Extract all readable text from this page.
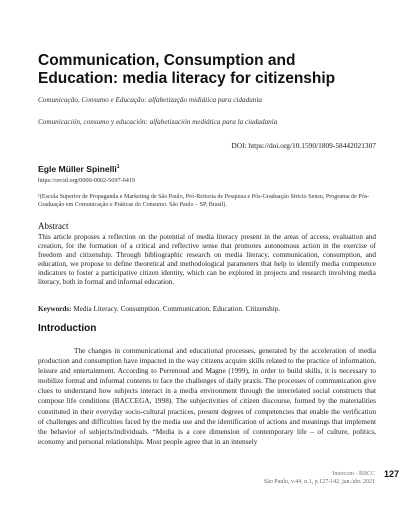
Communication, Consumption and Education: media literacy for citizenship
Comunicação, Consumo e Educação: alfabetização midiática para cidadania
Comunicación, consumo y educación: alfabetización mediática para la ciudadanía
DOI: https://doi.org/10.1590/1809-58442021307
Egle Müller Spinelli$^1$
https://orcid.org/0000-0002-5697-6419
¹(Escola Superior de Propaganda e Marketing de São Paulo, Pró-Reitoria de Pesquisa e Pós-Graduação Stricto Sensu, Programa de Pós-Graduação em Comunicação e Práticas do Consumo. São Paulo – SP, Brasil).
Abstract
This article proposes a reflection on the potential of media literacy present in the areas of access, evaluation and creation, for the formation of a critical and reflective sense that promotes autonomous action in the exercise of freedom and citizenship. Through bibliographic research on media literacy, communication, consumption, and education, we propose to define theoretical and methodological parameters that help to identify media competence indicators to foster a participative citizen identity, which can be explored in projects and research involving media literacy, both in formal and informal education.
Keywords: Media Literacy. Consumption. Communication. Education. Citizenship.
Introduction

The changes in communicational and educational processes, generated by the acceleration of media production and consumption have impacted in the way citizens acquire skills related to the practice of information, leisure and entertainment. According to Perrenoud and Magne (1999), in order to build skills, it is necessary to mobilize formal and informal contents to face the challenges of daily praxis. The processes of communication give clues to understand how subjects interact in a media environment through the interrelated social constructs that compose life conditions (BACCEGA, 1998). The subjectivities of citizen discourse, formed by the materialities constituted in their everyday socio-cultural practices, present degrees of competencies that enable the verification of challenges and difficulties faced by the media use and the identification of actions and meanings that implement the behavior of subjects/individuals. “Media is a core dimension of contemporary life – of culture, politics, economy and personal relationships. Most people agree that in an intensely

Intercom - RBCC
São Paulo, v.44, n.1, p.127-142, jan./abr. 2021
127
